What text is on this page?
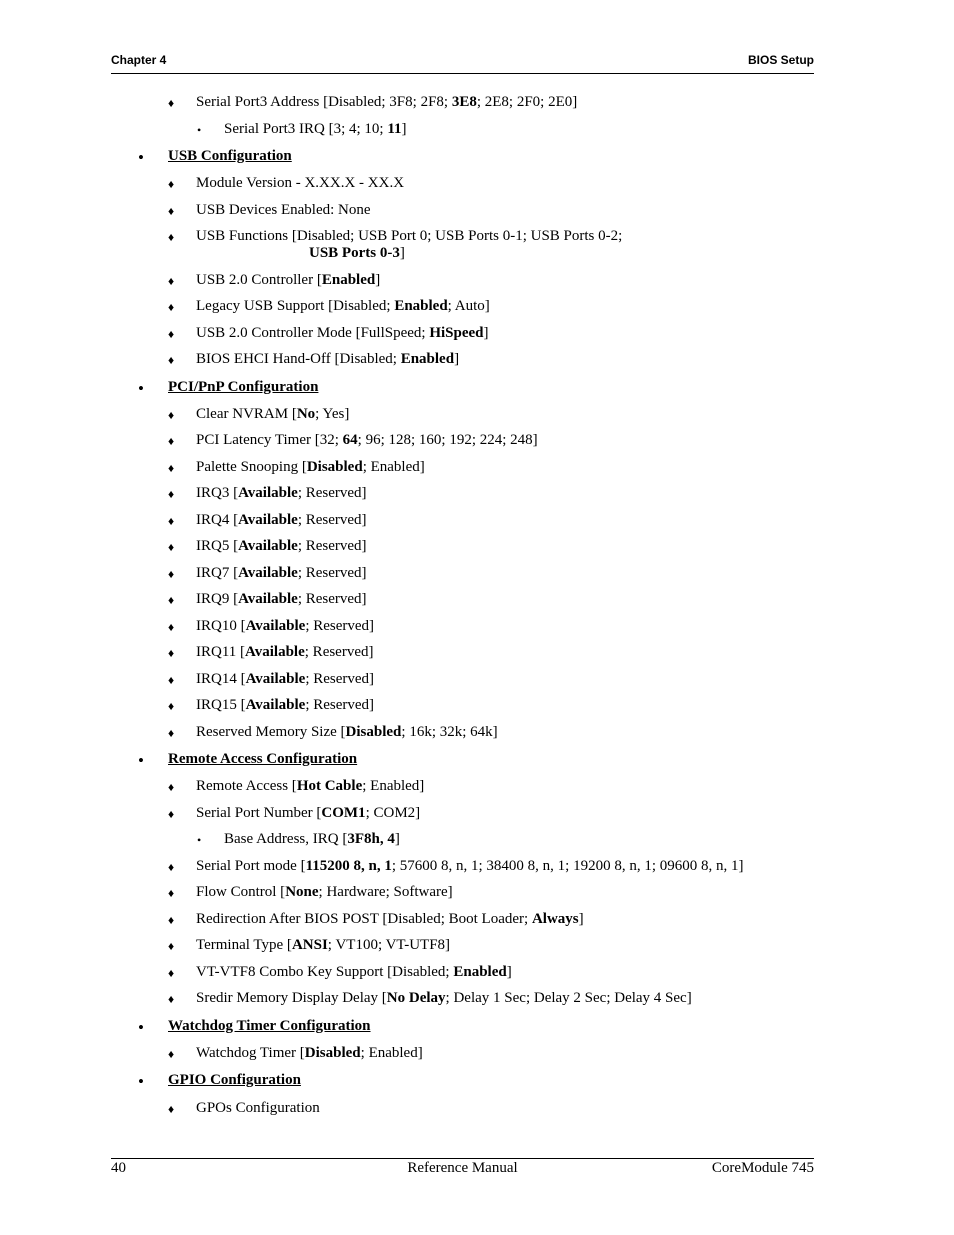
Chapter 4	BIOS Setup
♦ Serial Port3 Address [Disabled; 3F8; 2F8; 3E8; 2E8; 2F0; 2E0]
• Serial Port3 IRQ [3; 4; 10; 11]
• USB Configuration
♦ Module Version - X.XX.X - XX.X
♦ USB Devices Enabled: None
♦ USB Functions [Disabled; USB Port 0; USB Ports 0-1; USB Ports 0-2;
USB Ports 0-3]
♦ USB 2.0 Controller [Enabled]
♦ Legacy USB Support [Disabled; Enabled; Auto]
♦ USB 2.0 Controller Mode [FullSpeed; HiSpeed]
♦ BIOS EHCI Hand-Off [Disabled; Enabled]
• PCI/PnP Configuration
♦ Clear NVRAM [No; Yes]
♦ PCI Latency Timer [32; 64; 96; 128; 160; 192; 224; 248]
♦ Palette Snooping [Disabled; Enabled]
♦ IRQ3 [Available; Reserved]
♦ IRQ4 [Available; Reserved]
♦ IRQ5 [Available; Reserved]
♦ IRQ7 [Available; Reserved]
♦ IRQ9 [Available; Reserved]
♦ IRQ10 [Available; Reserved]
♦ IRQ11 [Available; Reserved]
♦ IRQ14 [Available; Reserved]
♦ IRQ15 [Available; Reserved]
♦ Reserved Memory Size [Disabled; 16k; 32k; 64k]
• Remote Access Configuration
♦ Remote Access [Hot Cable; Enabled]
♦ Serial Port Number [COM1; COM2]
• Base Address, IRQ [3F8h, 4]
♦ Serial Port mode [115200 8, n, 1; 57600 8, n, 1; 38400 8, n, 1; 19200 8, n, 1; 09600 8, n, 1]
♦ Flow Control [None; Hardware; Software]
♦ Redirection After BIOS POST [Disabled; Boot Loader; Always]
♦ Terminal Type [ANSI; VT100; VT-UTF8]
♦ VT-VTF8 Combo Key Support [Disabled; Enabled]
♦ Sredir Memory Display Delay [No Delay; Delay 1 Sec; Delay 2 Sec; Delay 4 Sec]
• Watchdog Timer Configuration
♦ Watchdog Timer [Disabled; Enabled]
• GPIO Configuration
♦ GPOs Configuration
40	Reference Manual	CoreModule 745
